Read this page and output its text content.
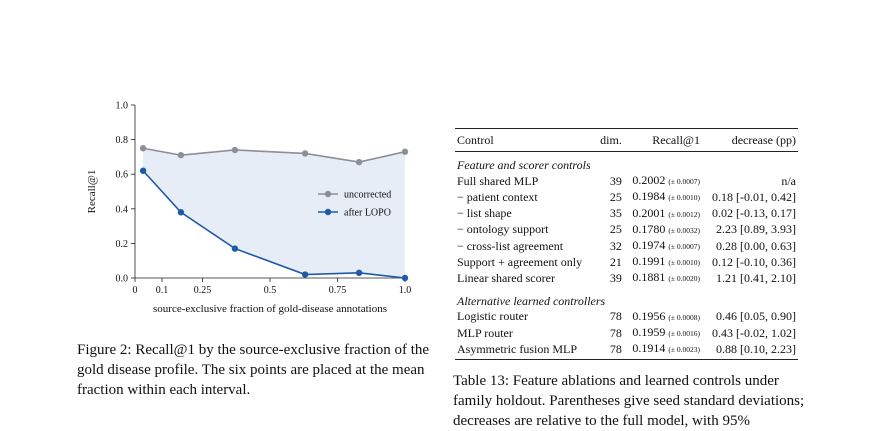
0.0
0.2
0.4
0.6
0.8
1.0
0 0.1	0.25	0.5	0.75	1.0
source-exclusive fraction of gold-disease annotations
Recall@1	uncorrected
after LOPO
Figure 2: Recall@1 by the source-exclusive fraction of the gold disease profile. The six points are placed at the mean fraction within each interval.
Control	dim.	Recall@1	decrease (pp)
Feature and scorer controls			
Full shared MLP	39	0.2002 (± 0.0007)	n/a
− patient context	25	0.1984 (± 0.0010)	0.18 [-0.01, 0.42]
− list shape	35	0.2001 (± 0.0012)	0.02 [-0.13, 0.17]
− ontology support	25	0.1780 (± 0.0032)	2.23 [0.89, 3.93]
− cross-list agreement	32	0.1974 (± 0.0007)	0.28 [0.00, 0.63]
Support + agreement only	21	0.1991 (± 0.0010)	0.12 [-0.10, 0.36]
Linear shared scorer	39	0.1881 (± 0.0020)	1.21 [0.41, 2.10]
Alternative learned controllers			
Logistic router	78	0.1956 (± 0.0008)	0.46 [0.05, 0.90]
MLP router	78	0.1959 (± 0.0016)	0.43 [-0.02, 1.02]
Asymmetric fusion MLP	78	0.1914 (± 0.0023)	0.88 [0.10, 2.23]
Table 13: Feature ablations and learned controls under family holdout. Parentheses give seed standard deviations; decreases are relative to the full model, with 95%
